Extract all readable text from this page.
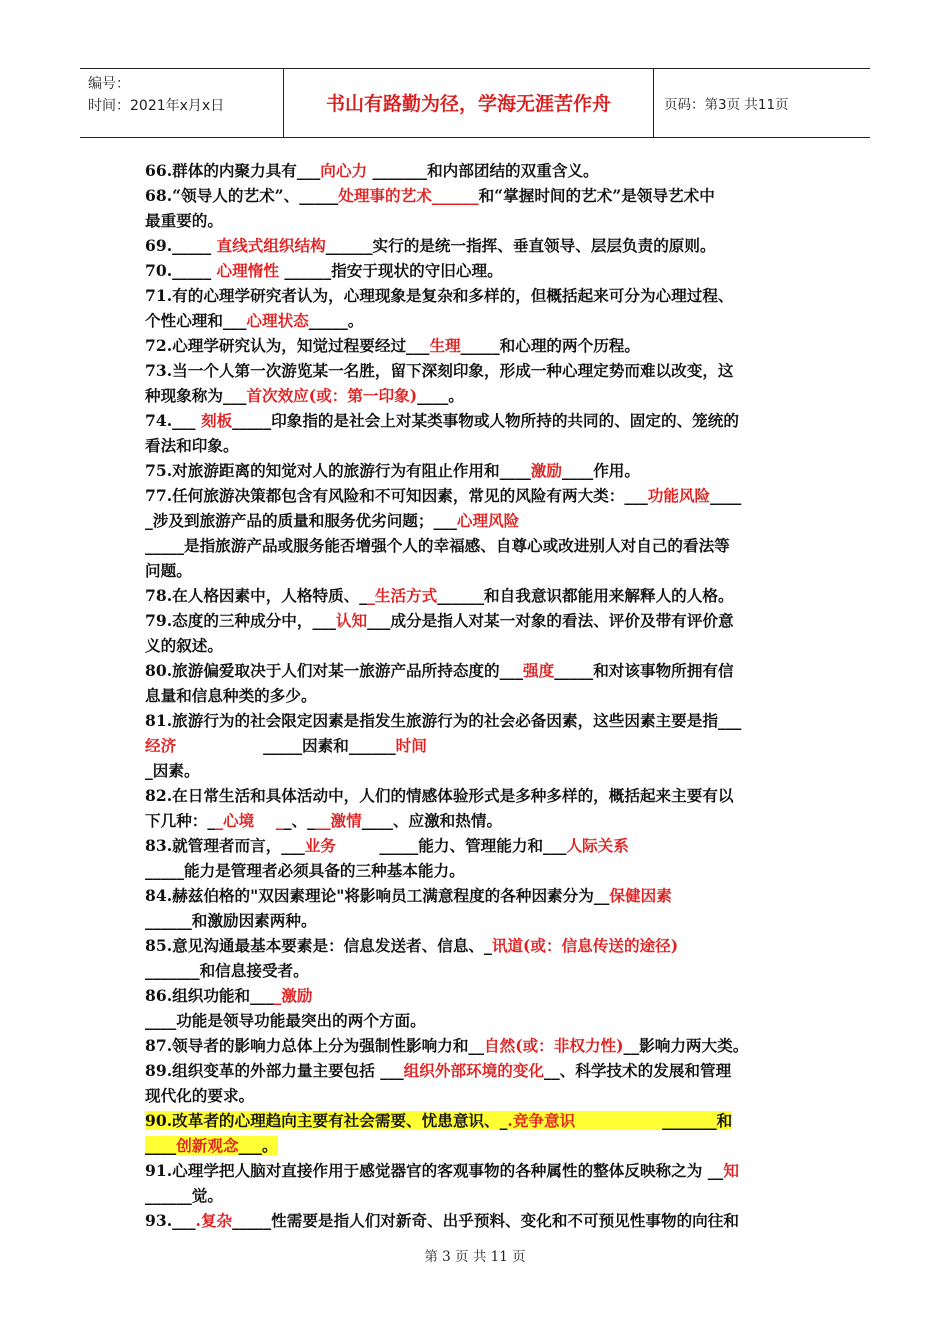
编号：
时间：2021年x月x日	书山有路勤为径，学海无涯苦作舟	页码：第3页 共11页
66.群体的内聚力具有___向心力 _______和内部团结的双重含义。
68.“领导人的艺术”、_____处理事的艺术______和“掌握时间的艺术”是领导艺术中
最重要的。
69._____ 直线式组织结构______实行的是统一指挥、垂直领导、层层负责的原则。
70._____ 心理惰性 ______指安于现状的守旧心理。
71.有的心理学研究者认为，心理现象是复杂和多样的，但概括起来可分为心理过程、
个性心理和___心理状态_____。
72.心理学研究认为，知觉过程要经过___生理_____和心理的两个历程。
73.当一个人第一次游览某一名胜，留下深刻印象，形成一种心理定势而难以改变，这
种现象称为___首次效应(或：第一印象)____。
74.___ 刻板_____印象指的是社会上对某类事物或人物所持的共同的、固定的、笼统的
看法和印象。
75.对旅游距离的知觉对人的旅游行为有阻止作用和____激励____作用。
77.任何旅游决策都包含有风险和不可知因素，常见的风险有两大类：___功能风险____
_涉及到旅游产品的质量和服务优劣问题；___心理风险
_____是指旅游产品或服务能否增强个人的幸福感、自尊心或改进别人对自己的看法等
问题。
78.在人格因素中，人格特质、__生活方式______和自我意识都能用来解释人的人格。
79.态度的三种成分中，___认知___成分是指人对某一对象的看法、评价及带有评价意
义的叙述。
80.旅游偏爱取决于人们对某一旅游产品所持态度的___强度_____和对该事物所拥有信
息量和信息种类的多少。
81.旅游行为的社会限定因素是指发生旅游行为的社会必备因素，这些因素主要是指___
经济                _____因素和______时间
_因素。
82.在日常生活和具体活动中，人们的情感体验形式是多种多样的，概括起来主要有以
下几种：__心境    __、___激情____、应激和热情。
83.就管理者而言，___业务        _____能力、管理能力和___人际关系
_____能力是管理者必须具备的三种基本能力。
84.赫兹伯格的"双因素理论"将影响员工满意程度的各种因素分为__保健因素
______和激励因素两种。
85.意见沟通最基本要素是：信息发送者、信息、_讯道(或：信息传送的途径)
_______和信息接受者。
86.组织功能和____激励
____功能是领导功能最突出的两个方面。
87.领导者的影响力总体上分为强制性影响力和__自然(或：非权力性)__影响力两大类。
89.组织变革的外部力量主要包括 ___组织外部环境的变化__、科学技术的发展和管理
现代化的要求。
90.改革者的心理趋向主要有社会需要、忧患意识、_.竞争意识                _______和
____创新观念___。
91.心理学把人脑对直接作用于感觉器官的客观事物的各种属性的整体反映称之为 __知
______觉。
93.___.复杂_____性需要是指人们对新奇、出乎预料、变化和不可预见性事物的向往和
第 3 页 共 11 页
